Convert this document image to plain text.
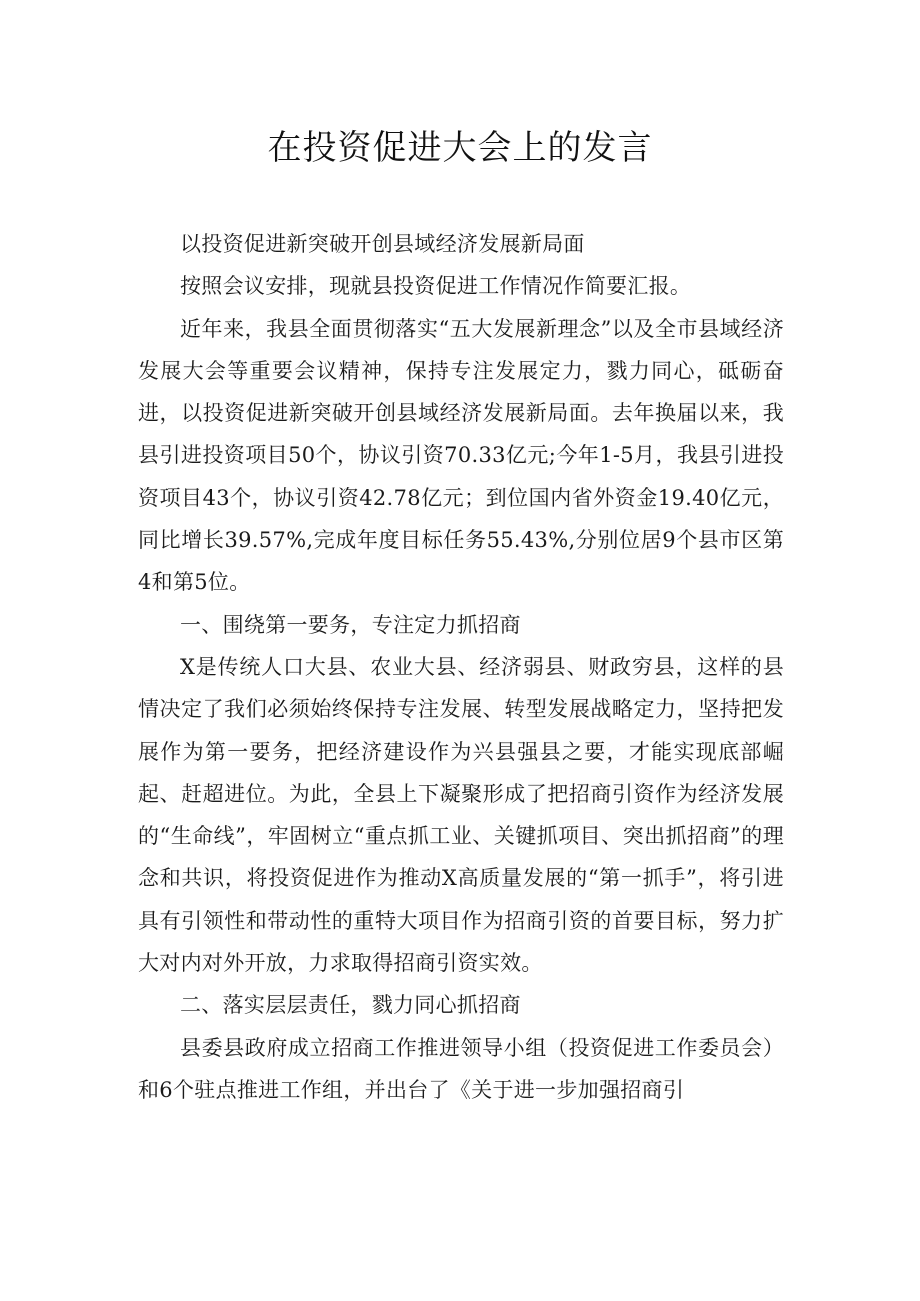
在投资促进大会上的发言

以投资促进新突破开创县域经济发展新局面

按照会议安排，现就县投资促进工作情况作简要汇报。

近年来，我县全面贯彻落实“五大发展新理念”以及全市县域经济发展大会等重要会议精神，保持专注发展定力，戮力同心，砥砺奋进，以投资促进新突破开创县域经济发展新局面。去年换届以来，我县引进投资项目50个，协议引资70.33亿元;今年1-5月，我县引进投资项目43个，协议引资42.78亿元；到位国内省外资金19.40亿元，同比增长39.57%,完成年度目标任务55.43%,分别位居9个县市区第4和第5位。

一、围绕第一要务，专注定力抓招商

X是传统人口大县、农业大县、经济弱县、财政穷县，这样的县情决定了我们必须始终保持专注发展、转型发展战略定力，坚持把发展作为第一要务，把经济建设作为兴县强县之要，才能实现底部崛起、赶超进位。为此，全县上下凝聚形成了把招商引资作为经济发展的“生命线”，牢固树立“重点抓工业、关键抓项目、突出抓招商”的理念和共识，将投资促进作为推动X高质量发展的“第一抓手”，将引进具有引领性和带动性的重特大项目作为招商引资的首要目标，努力扩大对内对外开放，力求取得招商引资实效。

二、落实层层责任，戮力同心抓招商

县委县政府成立招商工作推进领导小组（投资促进工作委员会）和6个驻点推进工作组，并出台了《关于进一步加强招商引
